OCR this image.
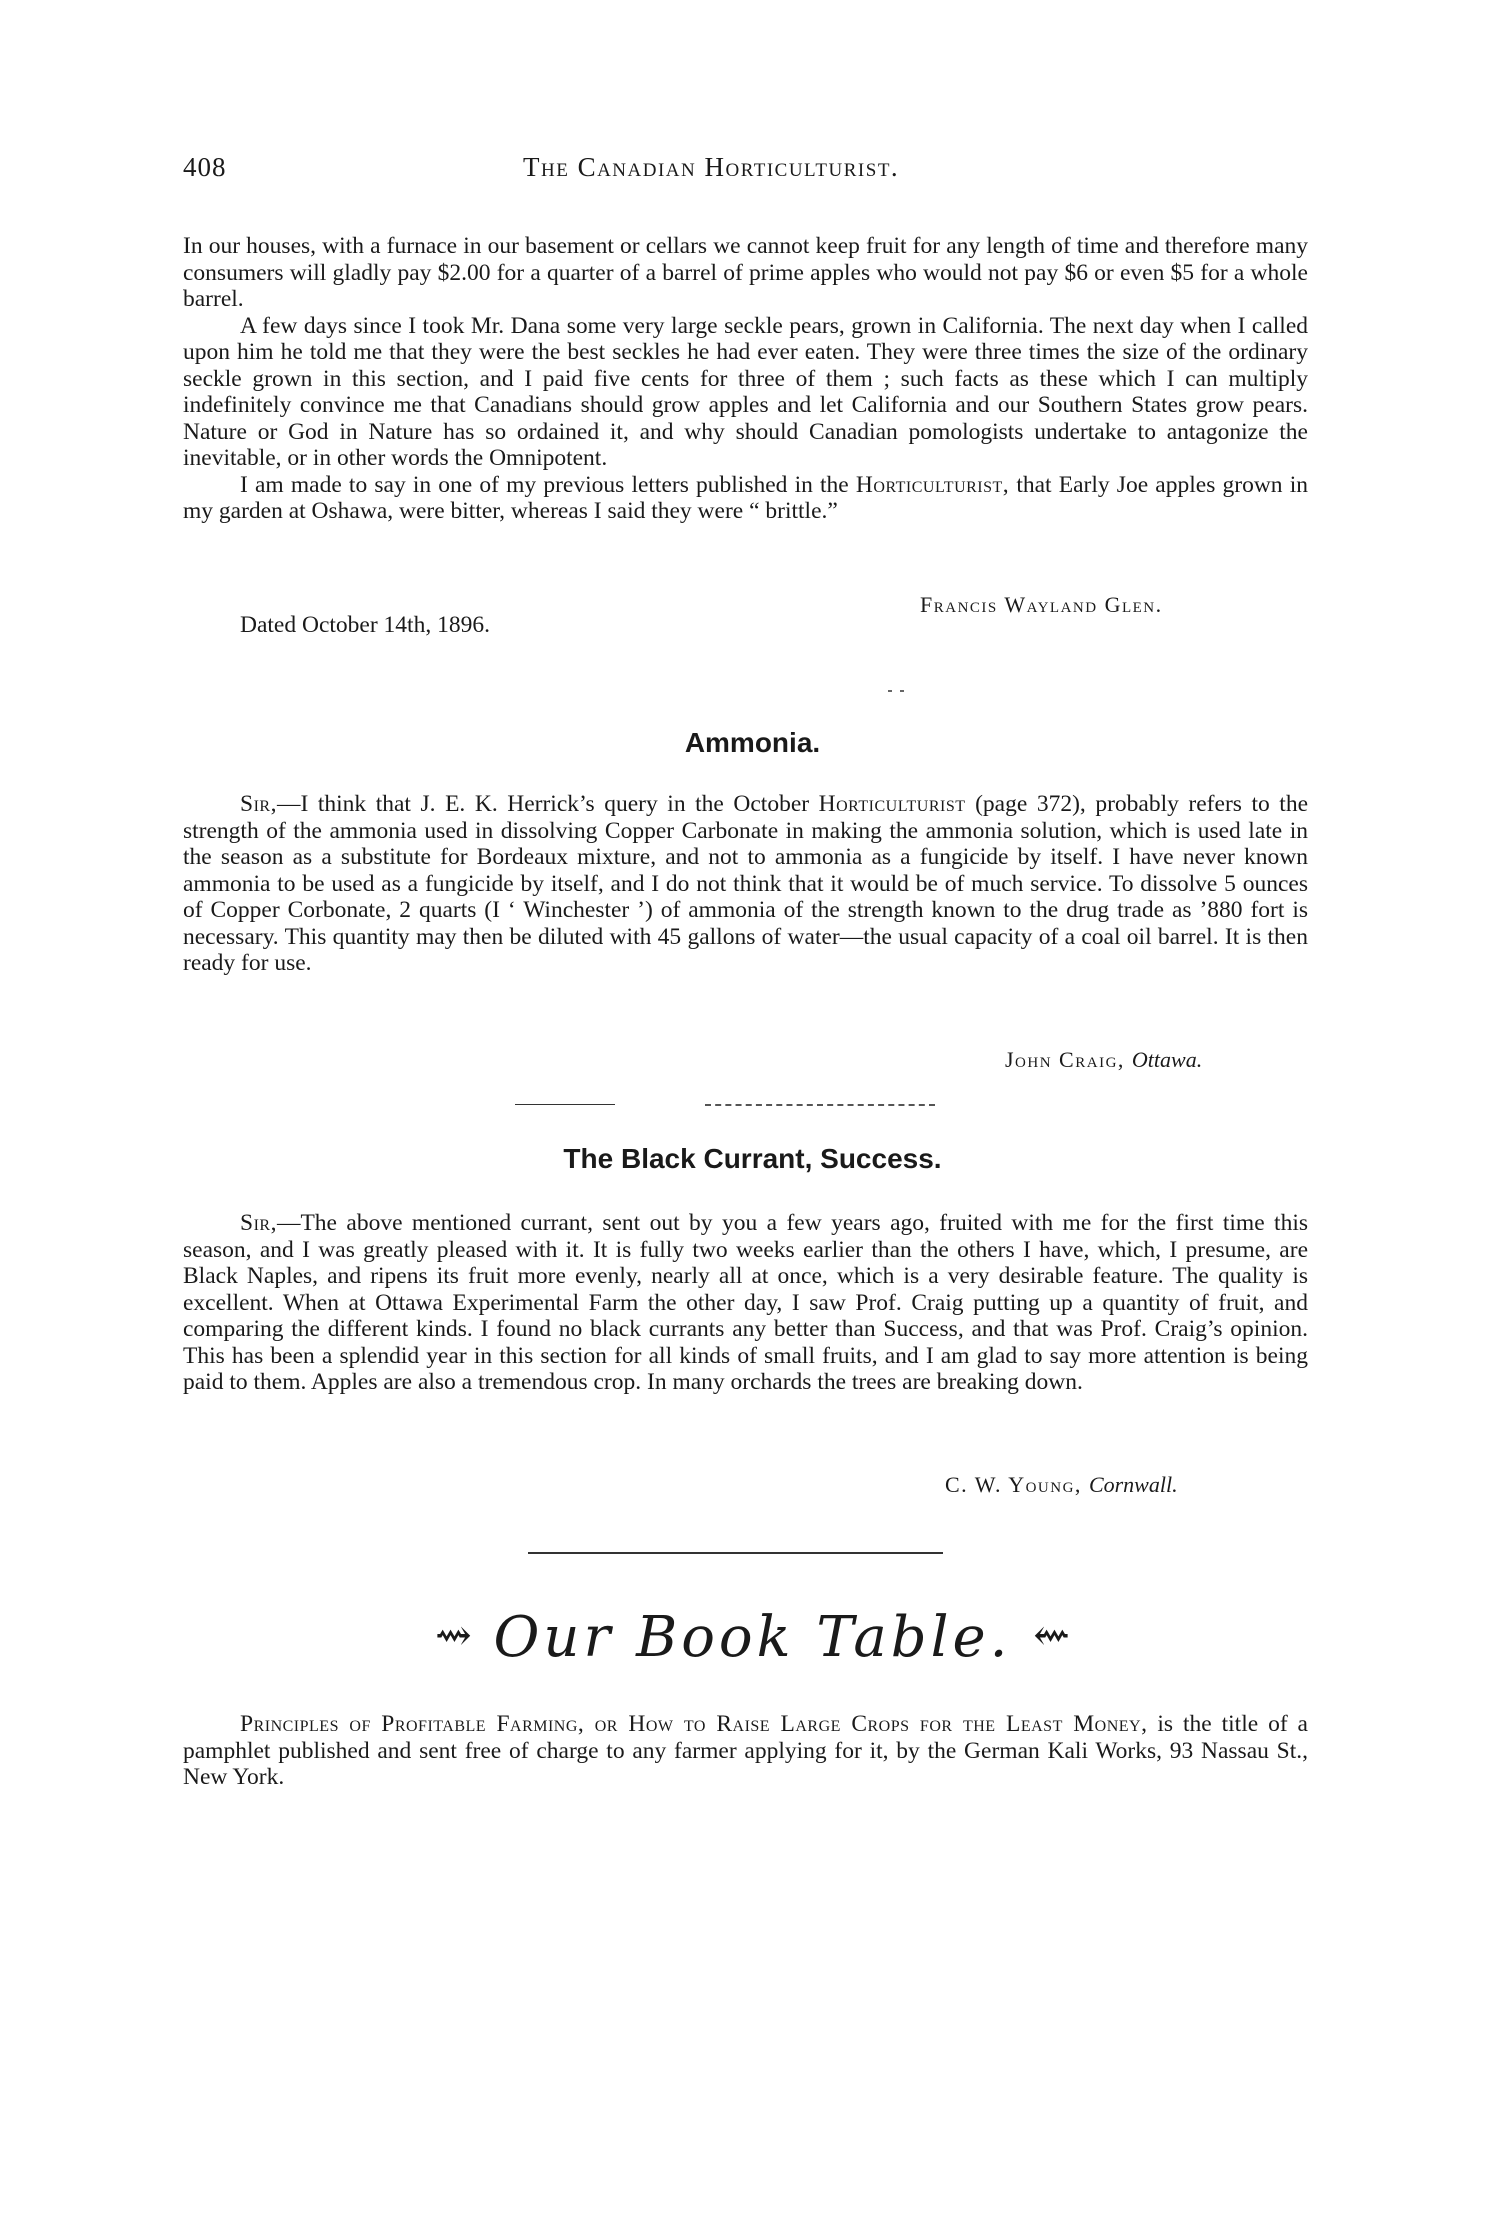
408	The Canadian Horticulturist.

In our houses, with a furnace in our basement or cellars we cannot keep fruit for any length of time and therefore many consumers will gladly pay $2.00 for a quarter of a barrel of prime apples who would not pay $6 or even $5 for a whole barrel.

A few days since I took Mr. Dana some very large seckle pears, grown in California. The next day when I called upon him he told me that they were the best seckles he had ever eaten. They were three times the size of the ordinary seckle grown in this section, and I paid five cents for three of them ; such facts as these which I can multiply indefinitely convince me that Canadians should grow apples and let California and our Southern States grow pears. Nature or God in Nature has so ordained it, and why should Canadian pomologists undertake to antagonize the inevitable, or in other words the Omnipotent.

I am made to say in one of my previous letters published in the Horticulturist, that Early Joe apples grown in my garden at Oshawa, were bitter, whereas I said they were “ brittle.”

Francis Wayland Glen.
Dated October 14th, 1896.
Ammonia.

Sir,—I think that J. E. K. Herrick’s query in the October Horticulturist (page 372), probably refers to the strength of the ammonia used in dissolving Copper Carbonate in making the ammonia solution, which is used late in the season as a substitute for Bordeaux mixture, and not to ammonia as a fungicide by itself. I have never known ammonia to be used as a fungicide by itself, and I do not think that it would be of much service. To dissolve 5 ounces of Copper Corbonate, 2 quarts (I ‘ Winchester ’) of ammonia of the strength known to the drug trade as ’880 fort is necessary. This quantity may then be diluted with 45 gallons of water—the usual capacity of a coal oil barrel. It is then ready for use.

John Craig, Ottawa.
The Black Currant, Success.

Sir,—The above mentioned currant, sent out by you a few years ago, fruited with me for the first time this season, and I was greatly pleased with it. It is fully two weeks earlier than the others I have, which, I presume, are Black Naples, and ripens its fruit more evenly, nearly all at once, which is a very desirable feature. The quality is excellent. When at Ottawa Experimental Farm the other day, I saw Prof. Craig putting up a quantity of fruit, and comparing the different kinds. I found no black currants any better than Success, and that was Prof. Craig’s opinion. This has been a splendid year in this section for all kinds of small fruits, and I am glad to say more attention is being paid to them. Apples are also a tremendous crop. In many orchards the trees are breaking down.

C. W. Young, Cornwall.
⇝ Our Book Table. ⇜

Principles of Profitable Farming, or How to Raise Large Crops for the Least Money, is the title of a pamphlet published and sent free of charge to any farmer applying for it, by the German Kali Works, 93 Nassau St., New York.
